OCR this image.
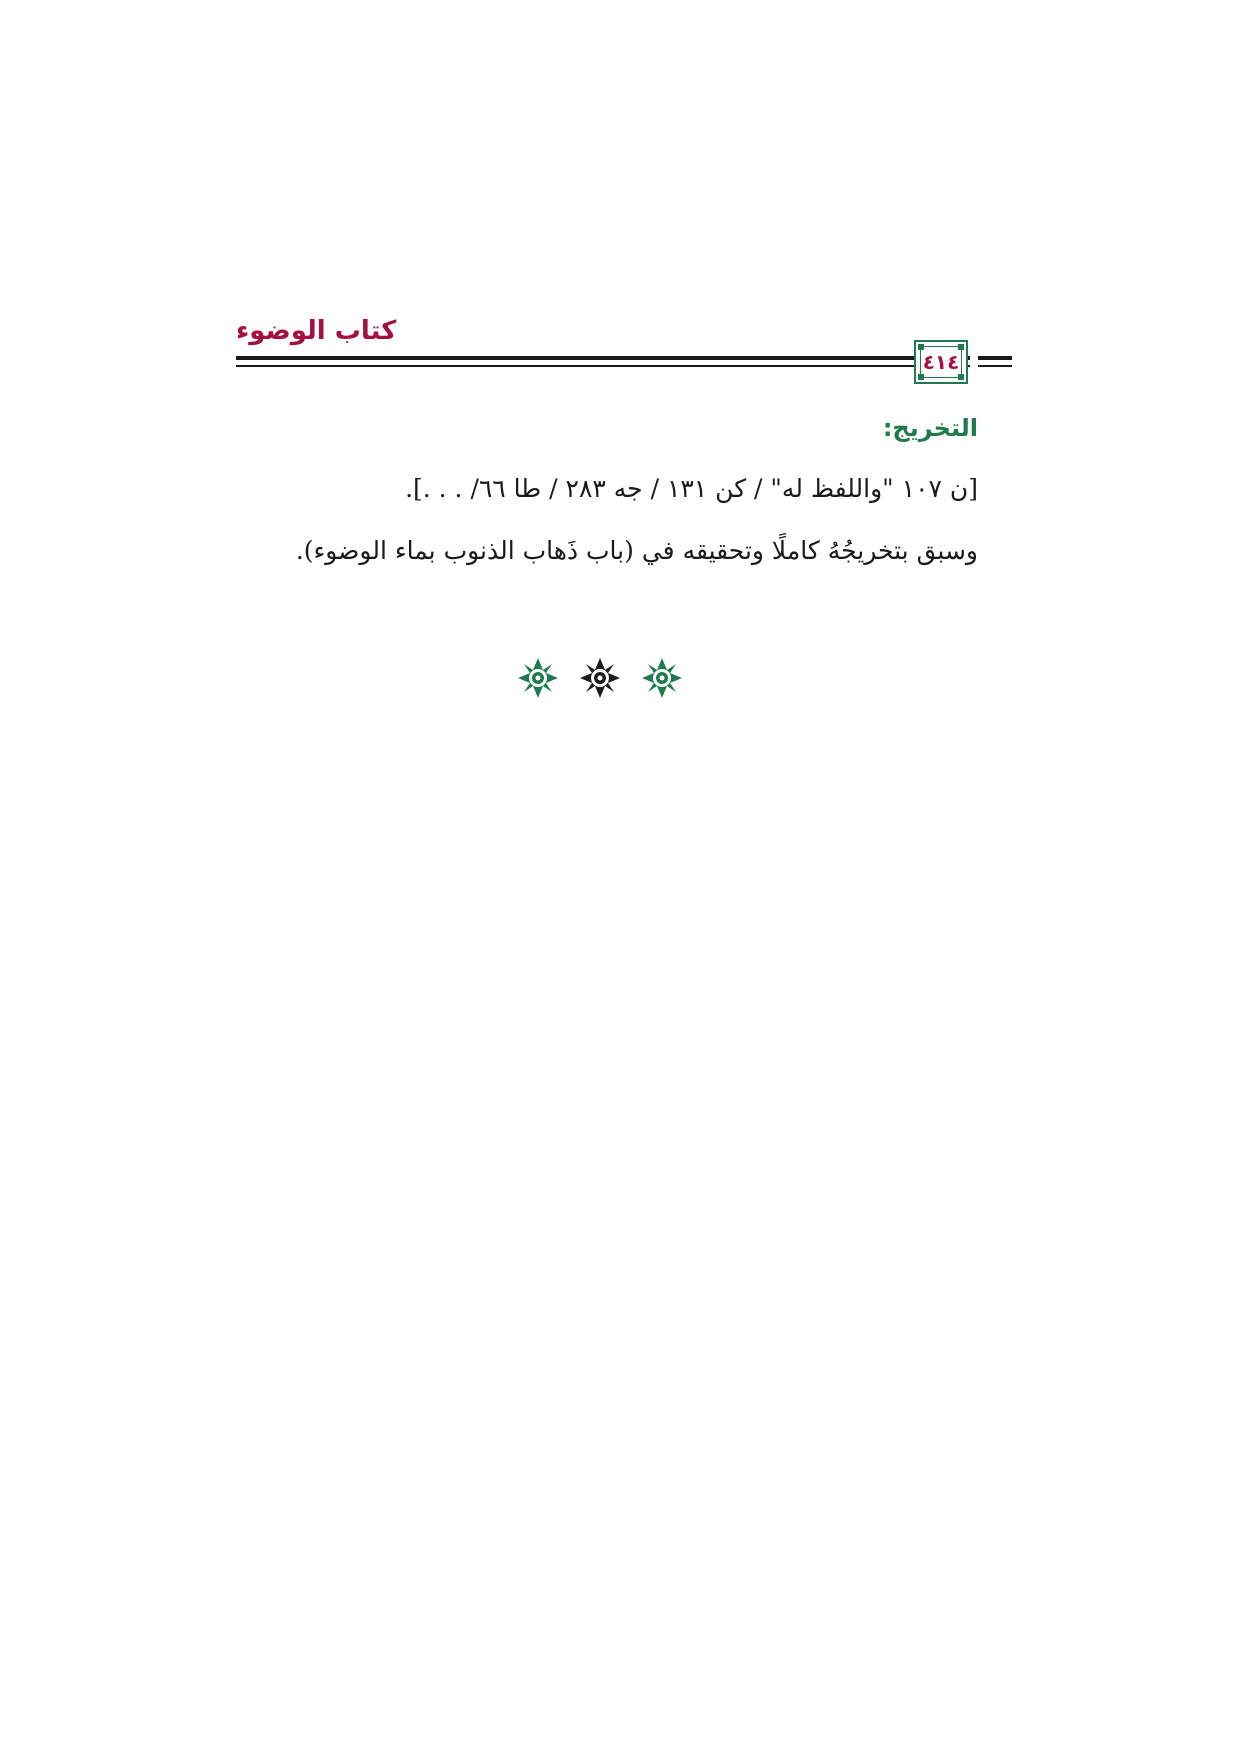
كتاب الوضوء
٤١٤
التخريج:
[ن ١٠٧ "واللفظ له" / كن ١٣١ / جه ٢٨٣ / طا ٦٦/ . . .].
وسبق بتخريجُهُ كاملًا وتحقيقه في (باب ذَهاب الذنوب بماء الوضوء).
